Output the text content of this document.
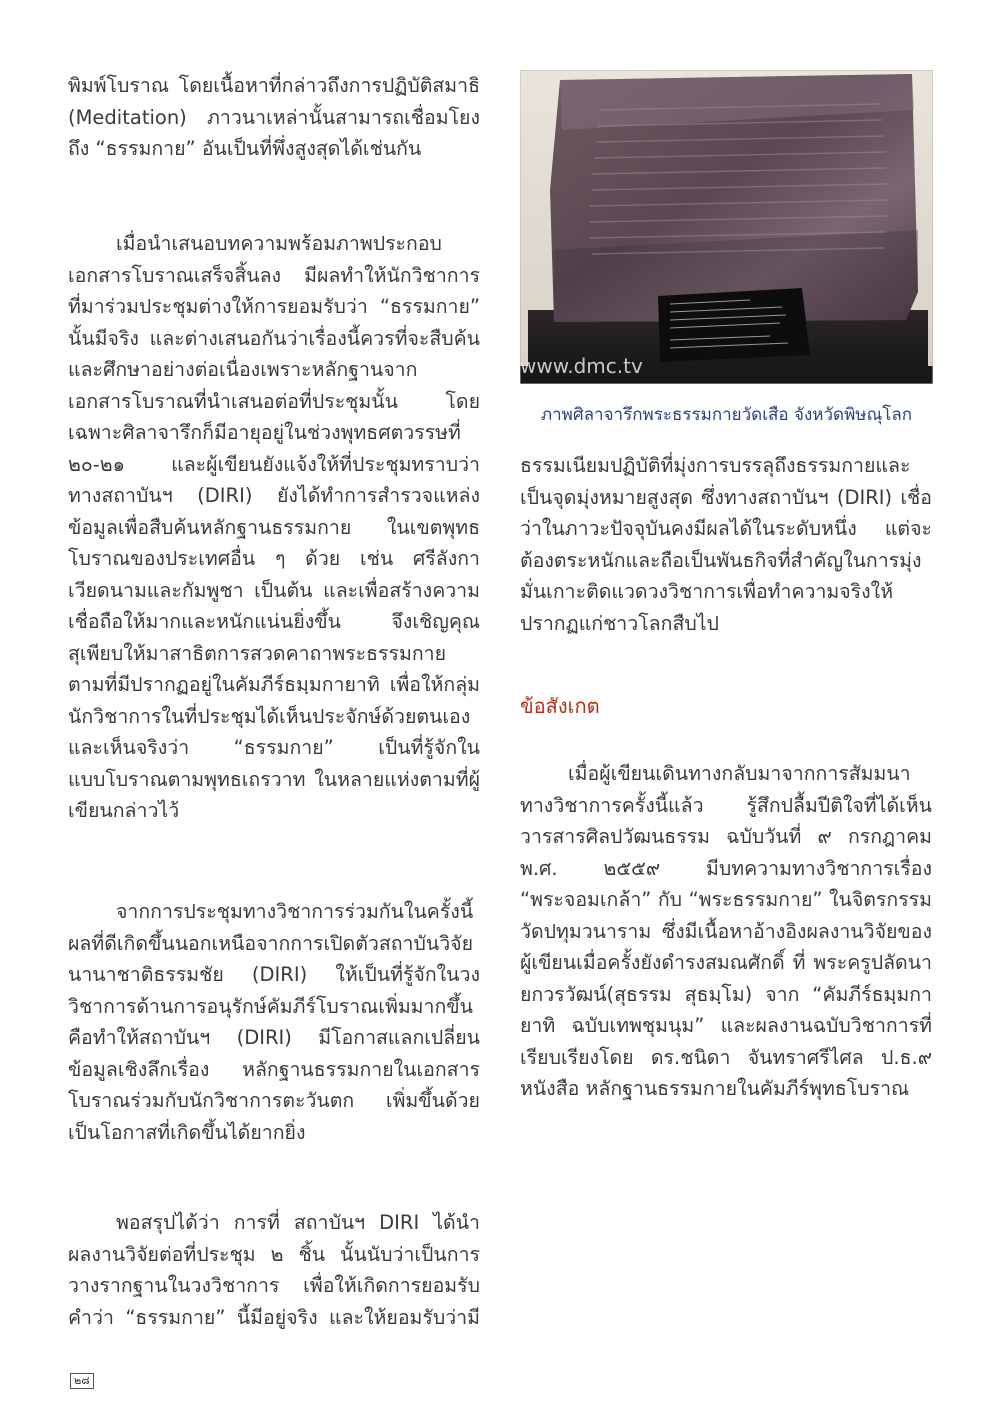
พิมพ์โบราณ โดยเนื้อหาที่กล่าวถึงการปฏิบัติสมาธิ
(Meditation) ภาวนาเหล่านั้นสามารถเชื่อมโยง
ถึง “ธรรมกาย” อันเป็นที่พึ่งสูงสุดได้เช่นกัน
เมื่อนำเสนอบทความพร้อมภาพประกอบ
เอกสารโบราณเสร็จสิ้นลง มีผลทำให้นักวิชาการ
ที่มาร่วมประชุมต่างให้การยอมรับว่า “ธรรมกาย”
นั้นมีจริง และต่างเสนอกันว่าเรื่องนี้ควรที่จะสืบค้น
และศึกษาอย่างต่อเนื่องเพราะหลักฐานจาก
เอกสารโบราณที่นำเสนอต่อที่ประชุมนั้น โดย
เฉพาะศิลาจารึกก็มีอายุอยู่ในช่วงพุทธศตวรรษที่
๒๐-๒๑ และผู้เขียนยังแจ้งให้ที่ประชุมทราบว่า
ทางสถาบันฯ (DIRI) ยังได้ทำการสำรวจแหล่ง
ข้อมูลเพื่อสืบค้นหลักฐานธรรมกาย ในเขตพุทธ
โบราณของประเทศอื่น ๆ ด้วย เช่น ศรีลังกา
เวียดนามและกัมพูชา เป็นต้น และเพื่อสร้างความ
เชื่อถือให้มากและหนักแน่นยิ่งขึ้น จึงเชิญคุณ
สุเพียบให้มาสาธิตการสวดคาถาพระธรรมกาย
ตามที่มีปรากฏอยู่ในคัมภีร์ธมฺมกายาทิ เพื่อให้กลุ่ม
นักวิชาการในที่ประชุมได้เห็นประจักษ์ด้วยตนเอง
และเห็นจริงว่า “ธรรมกาย” เป็นที่รู้จักใน
แบบโบราณตามพุทธเถรวาท ในหลายแห่งตามที่ผู้
เขียนกล่าวไว้
จากการประชุมทางวิชาการร่วมกันในครั้งนี้
ผลที่ดีเกิดขึ้นนอกเหนือจากการเปิดตัวสถาบันวิจัย
นานาชาติธรรมชัย (DIRI) ให้เป็นที่รู้จักในวง
วิชาการด้านการอนุรักษ์คัมภีร์โบราณเพิ่มมากขึ้น
คือทำให้สถาบันฯ (DIRI) มีโอกาสแลกเปลี่ยน
ข้อมูลเชิงลึกเรื่อง หลักฐานธรรมกายในเอกสาร
โบราณร่วมกับนักวิชาการตะวันตก เพิ่มขึ้นด้วย
เป็นโอกาสที่เกิดขึ้นได้ยากยิ่ง
พอสรุปได้ว่า การที่ สถาบันฯ DIRI ได้นำ
ผลงานวิจัยต่อที่ประชุม ๒ ชิ้น นั้นนับว่าเป็นการ
วางรากฐานในวงวิชาการ เพื่อให้เกิดการยอมรับ
คำว่า “ธรรมกาย” นี้มีอยู่จริง และให้ยอมรับว่ามี
www.dmc.tv
ภาพศิลาจารึกพระธรรมกายวัดเสือ จังหวัดพิษณุโลก
ธรรมเนียมปฏิบัติที่มุ่งการบรรลุถึงธรรมกายและ
เป็นจุดมุ่งหมายสูงสุด ซึ่งทางสถาบันฯ (DIRI) เชื่อ
ว่าในภาวะปัจจุบันคงมีผลได้ในระดับหนึ่ง แต่จะ
ต้องตระหนักและถือเป็นพันธกิจที่สำคัญในการมุ่ง
มั่นเกาะติดแวดวงวิชาการเพื่อทำความจริงให้
ปรากฏแก่ชาวโลกสืบไป
เมื่อผู้เขียนเดินทางกลับมาจากการสัมมนา
ทางวิชาการครั้งนี้แล้ว รู้สึกปลื้มปีติใจที่ได้เห็น
วารสารศิลปวัฒนธรรม ฉบับวันที่ ๙ กรกฎาคม
พ.ศ. ๒๕๕๙ มีบทความทางวิชาการเรื่อง
“พระจอมเกล้า” กับ “พระธรรมกาย” ในจิตรกรรม
วัดปทุมวนาราม ซึ่งมีเนื้อหาอ้างอิงผลงานวิจัยของ
ผู้เขียนเมื่อครั้งยังดำรงสมณศักดิ์ ที่ พระครูปลัดนา
ยกวรวัฒน์(สุธรรม สุธมฺโม) จาก “คัมภีร์ธมฺมกา
ยาทิ ฉบับเทพชุมนุม” และผลงานฉบับวิชาการที่
เรียบเรียงโดย ดร.ชนิดา จันทราศรีไศล ป.ธ.๙
หนังสือ หลักฐานธรรมกายในคัมภีร์พุทธโบราณ
ข้อสังเกต
๒๘
